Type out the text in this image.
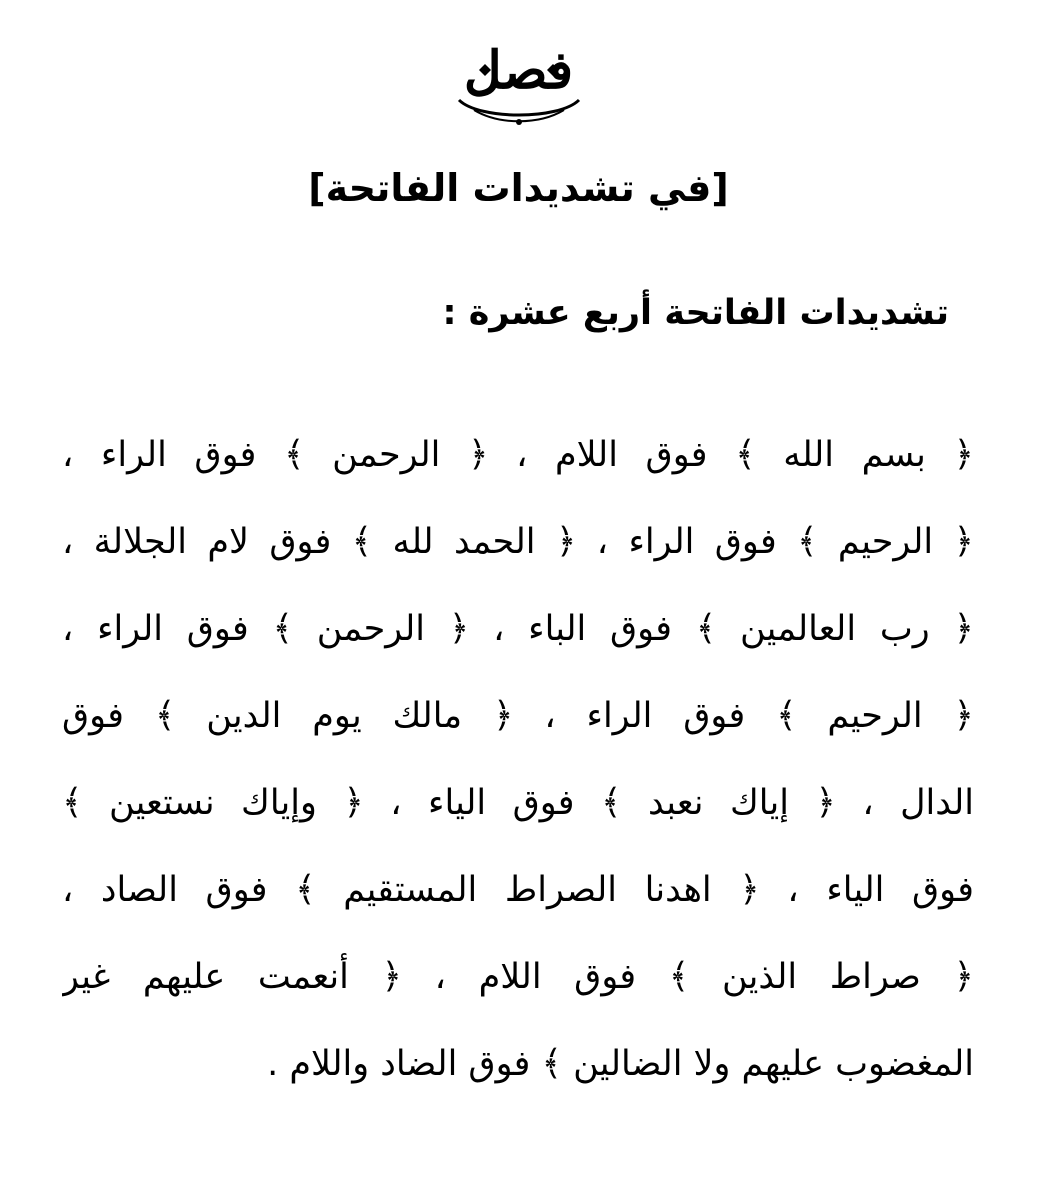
فصل
[في تشديدات الفاتحة]
تشديدات الفاتحة أربع عشرة :
﴿ بسم الله ﴾ فوق اللام ، ﴿ الرحمن ﴾ فوق الراء ،
﴿ الرحيم ﴾ فوق الراء ، ﴿ الحمد لله ﴾ فوق لام الجلالة ،
﴿ رب العالمين ﴾ فوق الباء ، ﴿ الرحمن ﴾ فوق الراء ،
﴿ الرحيم ﴾ فوق الراء ، ﴿ مالك يوم الدين ﴾ فوق
الدال ، ﴿ إياك نعبد ﴾ فوق الياء ، ﴿ وإياك نستعين ﴾
فوق الياء ، ﴿ اهدنا الصراط المستقيم ﴾ فوق الصاد ،
﴿ صراط الذين ﴾ فوق اللام ، ﴿ أنعمت عليهم غير
المغضوب عليهم ولا الضالين ﴾ فوق الضاد واللام .
